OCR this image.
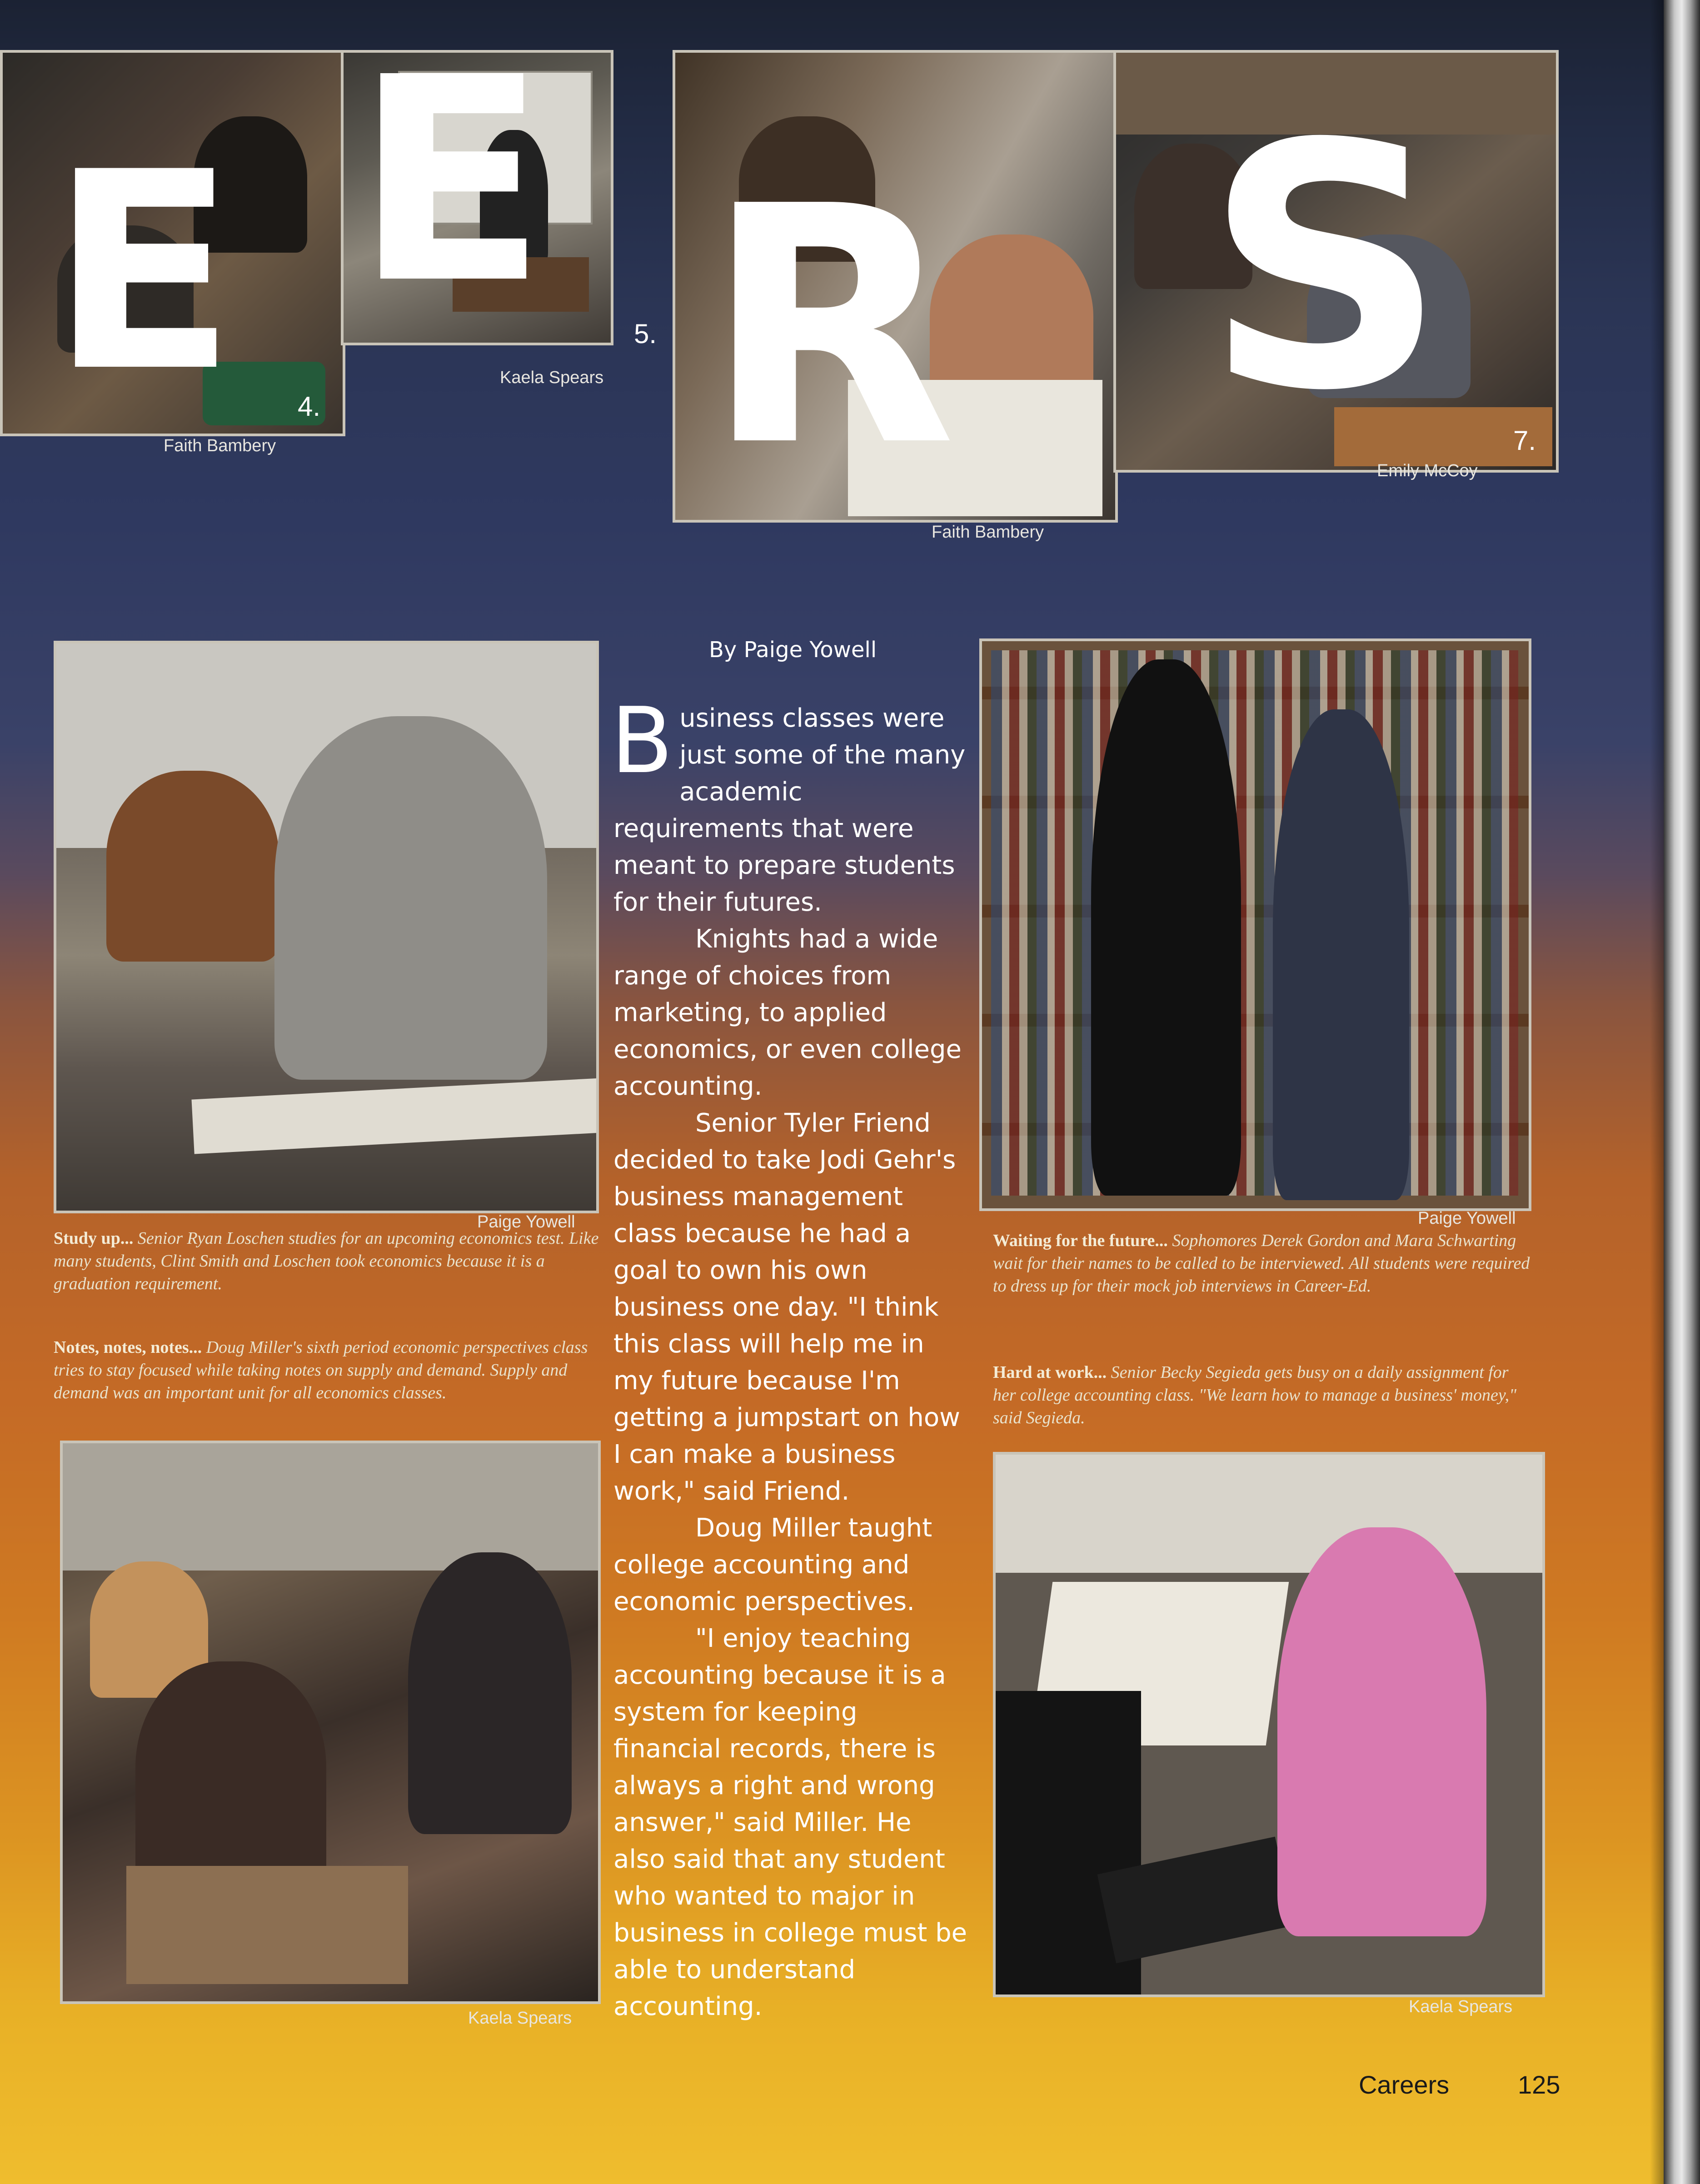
E E R S
4.
Faith Bambery
5.
Kaela Spears
Faith Bambery
7.
Emily McCoy
Paige Yowell
Study up... Senior Ryan Loschen studies for an upcoming economics test. Like many students, Clint Smith and Loschen took economics because it is a graduation requirement.
Notes, notes, notes... Doug Miller's sixth period economic perspectives class tries to stay focused while taking notes on supply and demand. Supply and demand was an important unit for all economics classes.
Kaela Spears
By Paige Yowell

Business classes were just some of the many academic requirements that were meant to prepare students for their futures.

Knights had a wide range of choices from marketing, to applied economics, or even college accounting.

Senior Tyler Friend decided to take Jodi Gehr's business management class because he had a goal to own his own business one day. "I think this class will help me in my future because I'm getting a jumpstart on how I can make a business work," said Friend.

Doug Miller taught college accounting and economic perspectives.

"I enjoy teaching accounting because it is a system for keeping financial records, there is always a right and wrong answer," said Miller. He also said that any student who wanted to major in business in college must be able to understand accounting.

Paige Yowell
Waiting for the future... Sophomores Derek Gordon and Mara Schwarting wait for their names to be called to be interviewed. All students were required to dress up for their mock job interviews in Career-Ed.
Hard at work... Senior Becky Segieda gets busy on a daily assignment for her college accounting class. "We learn how to manage a business' money," said Segieda.
Kaela Spears
Careers	125
